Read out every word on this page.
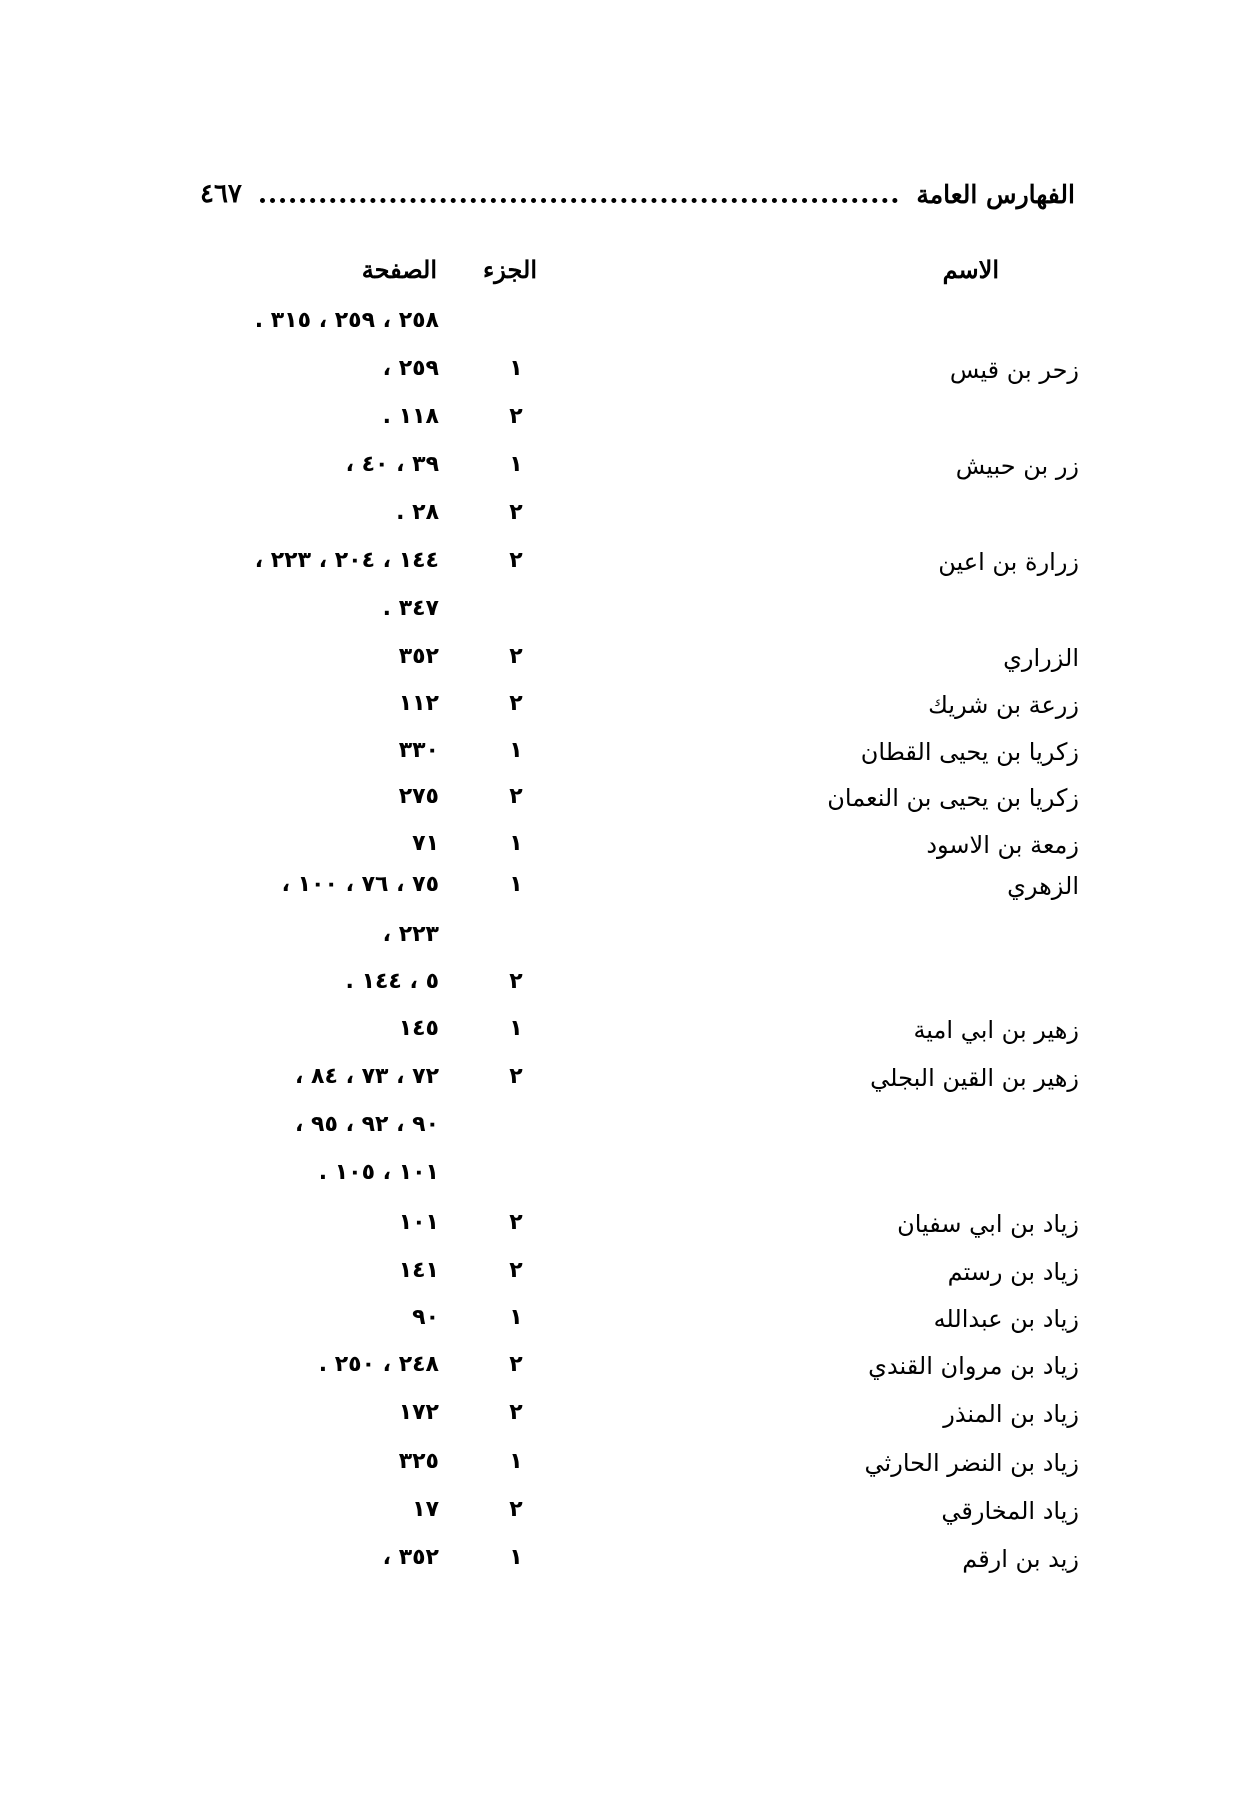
الفهارس العامة
٤٦٧
الاسم
الجزء
الصفحة
٢٥٨ ، ٢٥٩ ، ٣١٥ .
زحر بن قيس
١
٢٥٩ ،
٢
١١٨ .
زر بن حبيش
١
٣٩ ، ٤٠ ،
٢
٢٨ .
زرارة بن اعين
٢
١٤٤ ، ٢٠٤ ، ٢٢٣ ،
٣٤٧ .
الزراري
٢
٣٥٢
زرعة بن شريك
٢
١١٢
زكريا بن يحيى القطان
١
٣٣٠
زكريا بن يحيى بن النعمان
٢
٢٧٥
زمعة بن الاسود
١
٧١
الزهري
١
٧٥ ، ٧٦ ، ١٠٠ ،
٢٢٣ ،
٢
٥ ، ١٤٤ .
زهير بن ابي امية
١
١٤٥
زهير بن القين البجلي
٢
٧٢ ، ٧٣ ، ٨٤ ،
٩٠ ، ٩٢ ، ٩٥ ،
١٠١ ، ١٠٥ .
زياد بن ابي سفيان
٢
١٠١
زياد بن رستم
٢
١٤١
زياد بن عبدالله
١
٩٠
زياد بن مروان القندي
٢
٢٤٨ ، ٢٥٠ .
زياد بن المنذر
٢
١٧٢
زياد بن النضر الحارثي
١
٣٢٥
زياد المخارقي
٢
١٧
زيد بن ارقم
١
٣٥٢ ،
